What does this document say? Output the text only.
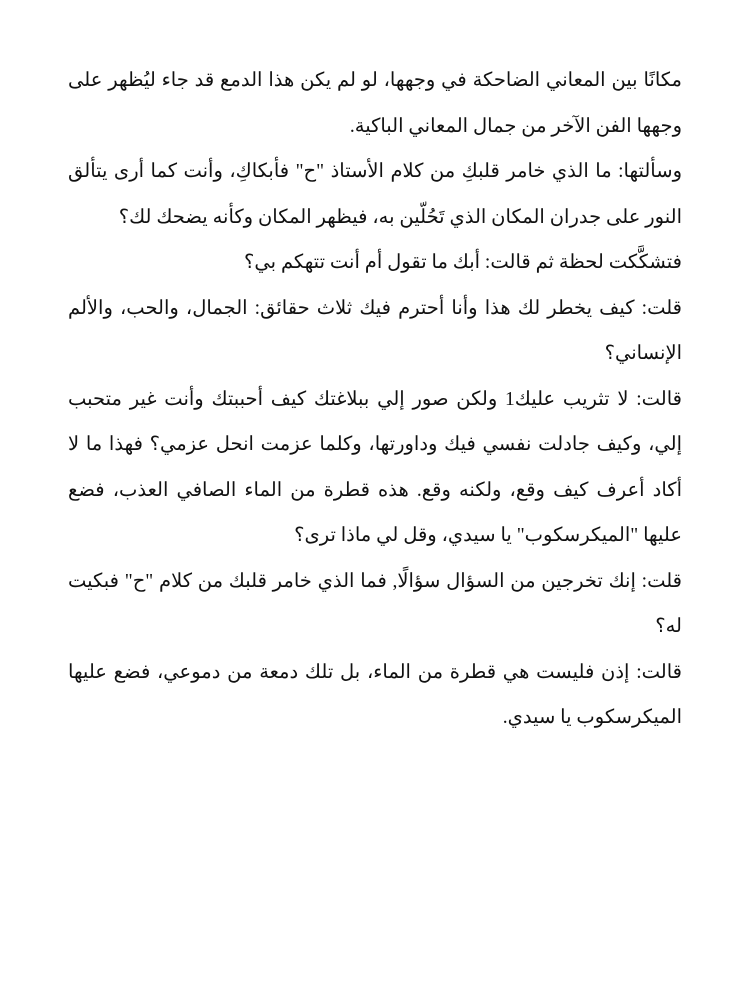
مكانًا بين المعاني الضاحكة في وجهها، لو لم يكن هذا الدمع قد جاء ليُظهر على وجهها الفن الآخر من جمال المعاني الباكية.

وسألتها: ما الذي خامر قلبكِ من كلام الأستاذ "ح" فأبكاكِ، وأنت كما أرى يتألق النور على جدران المكان الذي تَحُلّين به، فيظهر المكان وكأنه يضحك لك؟

فتشكَّكت لحظة ثم قالت: أبك ما تقول أم أنت تتهكم بي؟

قلت: كيف يخطر لك هذا وأنا أحترم فيك ثلاث حقائق: الجمال، والحب، والألم الإنساني؟

قالت: لا تثريب عليك1 ولكن صور إلي ببلاغتك كيف أحببتك وأنت غير متحبب إلي، وكيف جادلت نفسي فيك وداورتها، وكلما عزمت انحل عزمي؟ فهذا ما لا أكاد أعرف كيف وقع، ولكنه وقع. هذه قطرة من الماء الصافي العذب، فضع عليها "الميكرسكوب" يا سيدي، وقل لي ماذا ترى؟

قلت: إنك تخرجين من السؤال سؤالًا, فما الذي خامر قلبك من كلام "ح" فبكيت له؟

قالت: إذن فليست هي قطرة من الماء، بل تلك دمعة من دموعي، فضع عليها الميكرسكوب يا سيدي.
